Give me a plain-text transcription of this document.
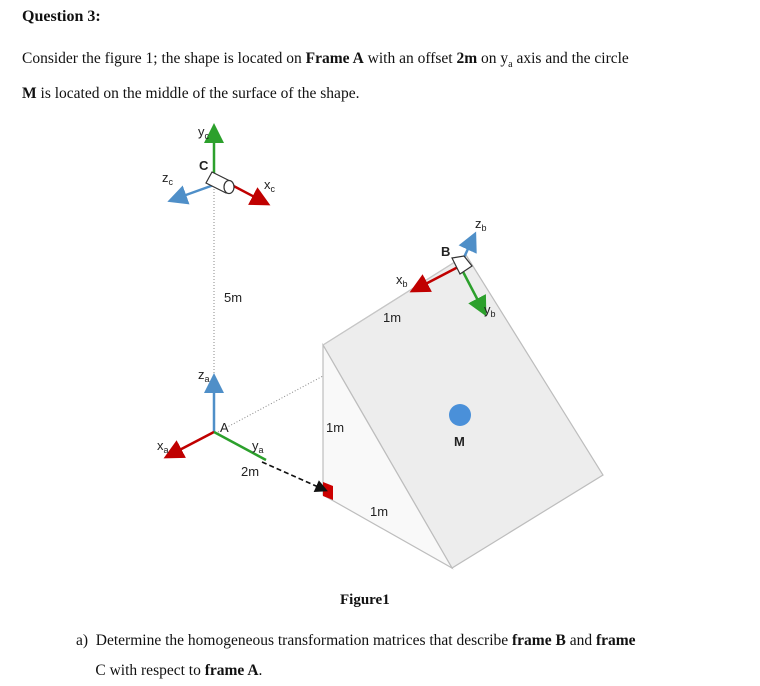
Question 3:
Consider the figure 1; the shape is located on Frame A with an offset 2m on $y_a$ axis and the circle
M is located on the middle of the surface of the shape.
$y_c$
C
$z_c$	$x_c$
5m
$z_a$
A
$x_a$	$y_a$
2m
1m
1m
1m
$x_b$
B
$z_b$
$y_b$
M
Figure1
a) Determine the homogeneous transformation matrices that describe frame B and frame
C with respect to frame A.
